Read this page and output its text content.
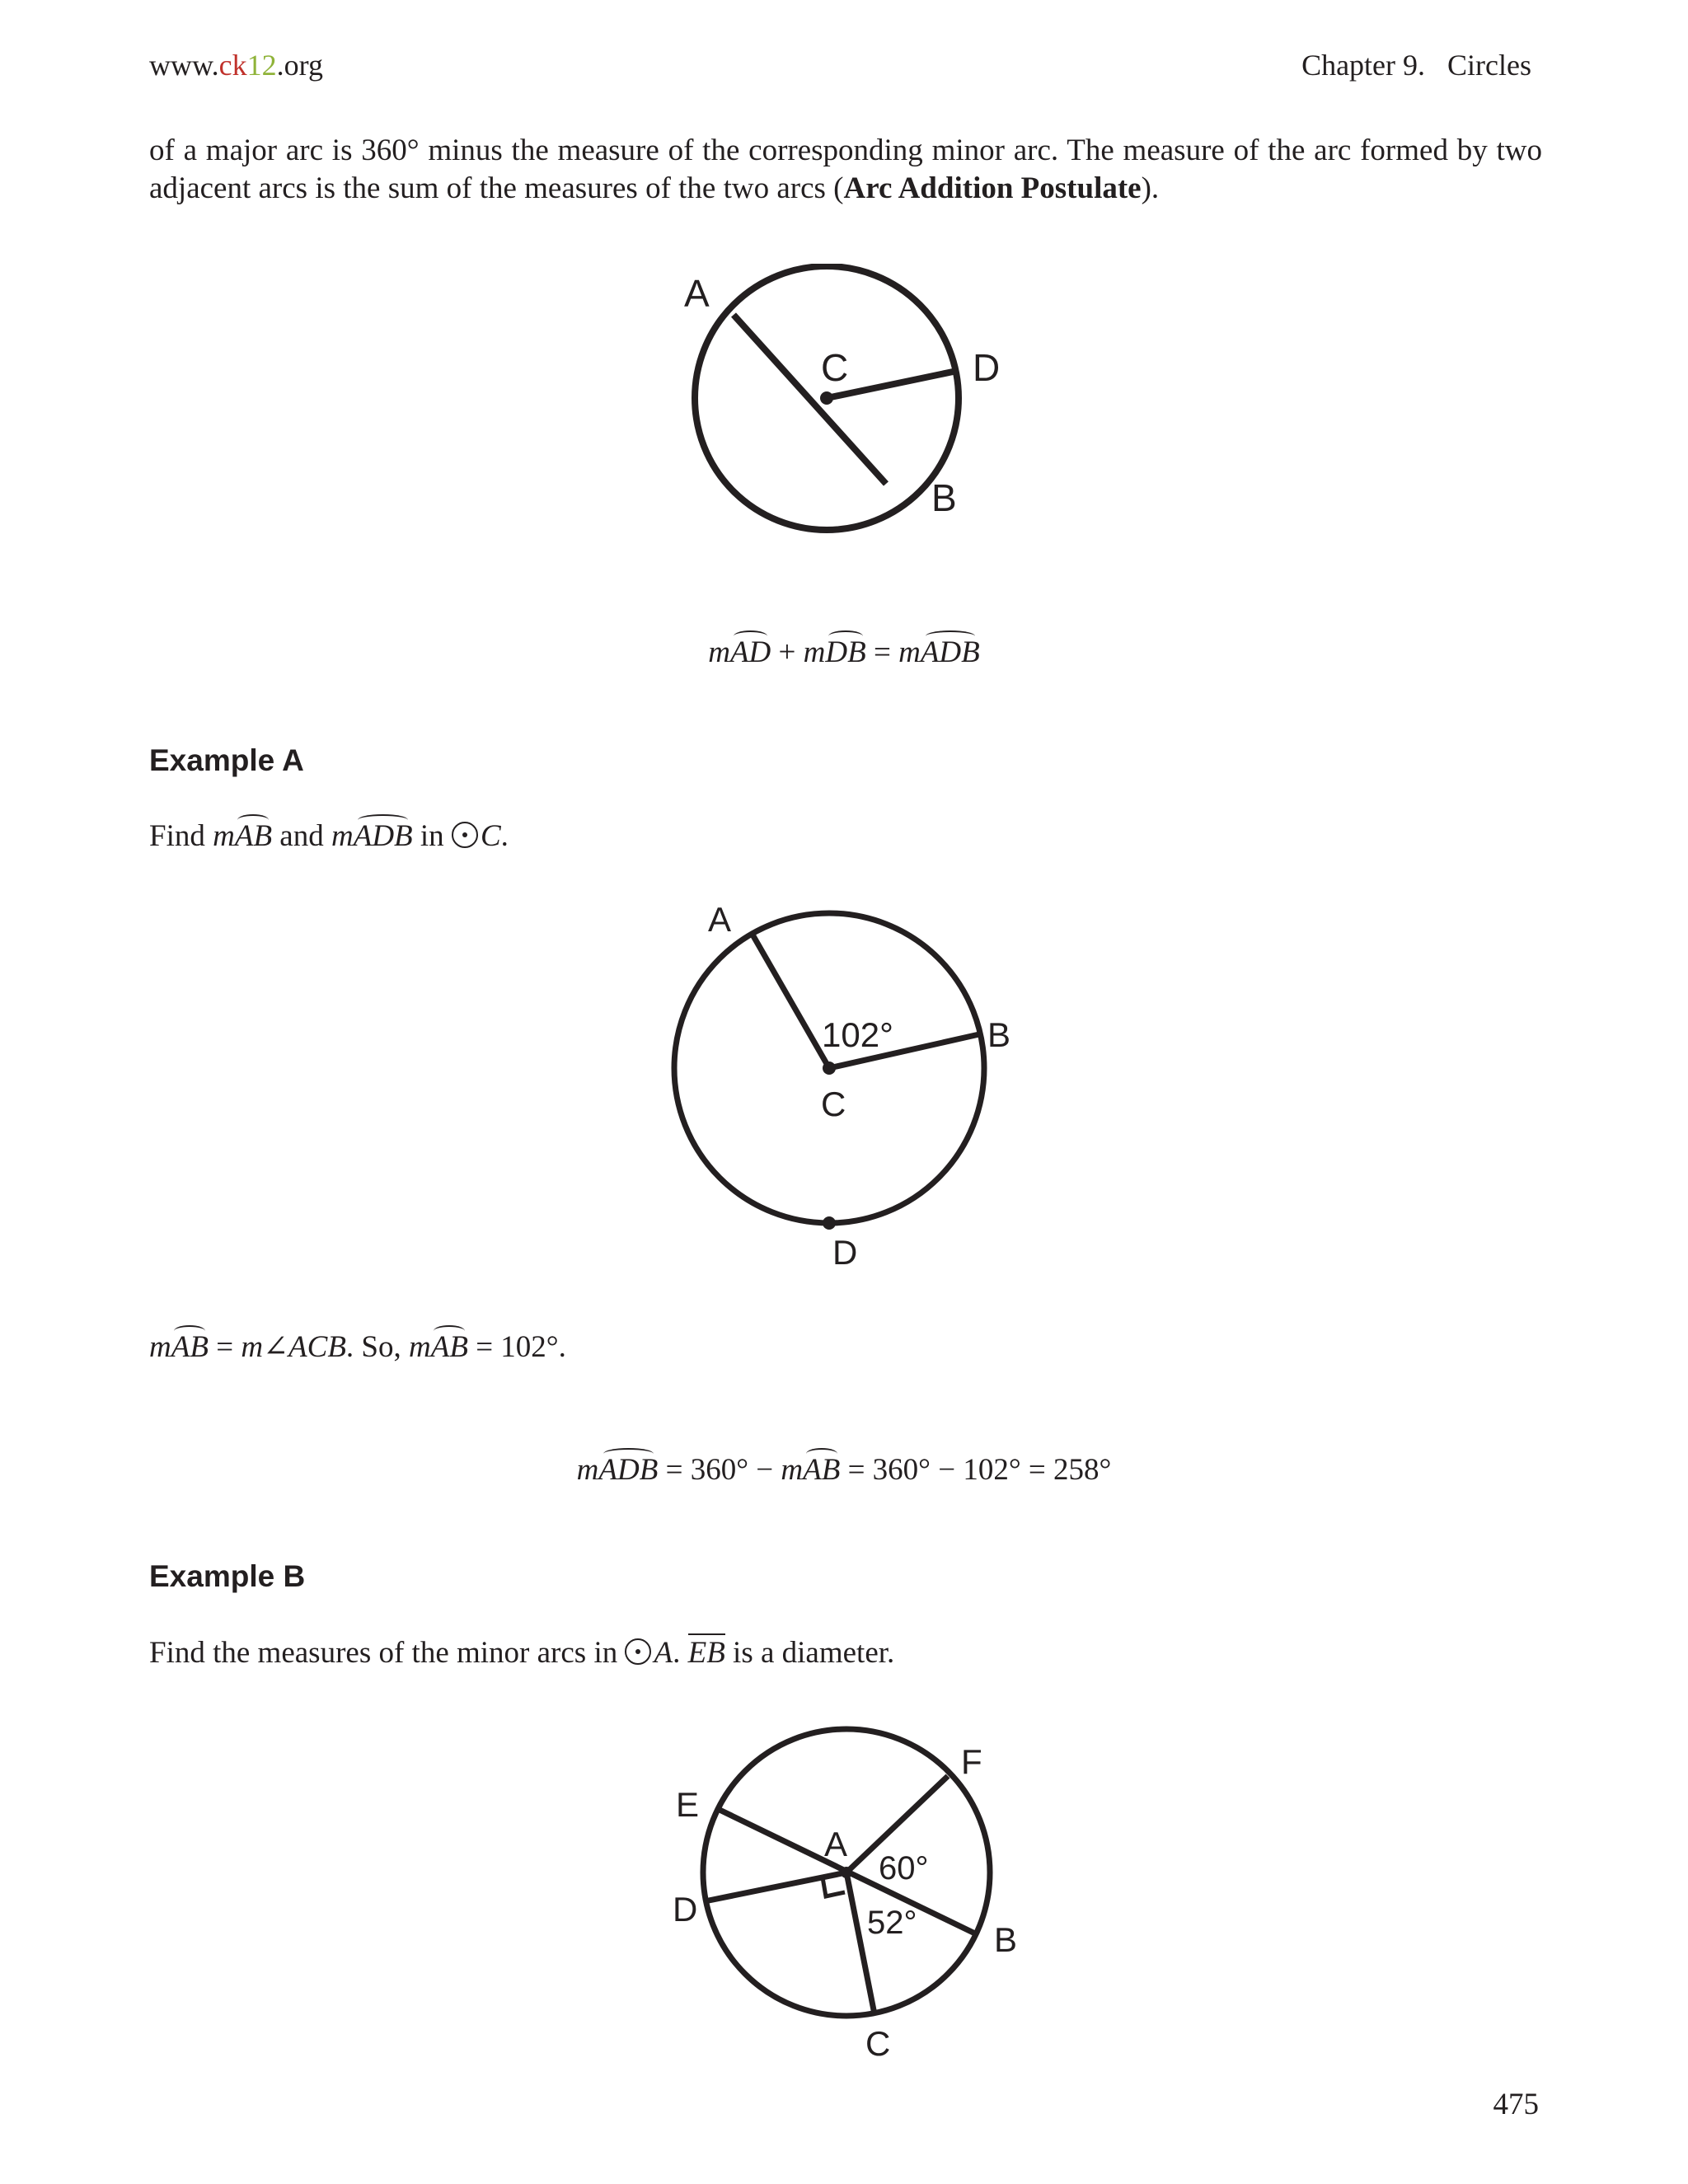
www.ck12.org	Chapter 9.   Circles
of a major arc is 360° minus the measure of the corresponding minor arc. The measure of the arc formed by two adjacent arcs is the sum of the measures of the two arcs (Arc Addition Postulate).
A
C	D
B
mAD + mDB = mADB
Example A
Find mAB and mADB in C.
A
102°	B
C
D
mAB = m∠ACB. So, mAB = 102°.
mADB = 360° − mAB = 360° − 102° = 258°
Example B
Find the measures of the minor arcs in A. EB is a diameter.
E
A
F
60°
D	52° B
C
475
